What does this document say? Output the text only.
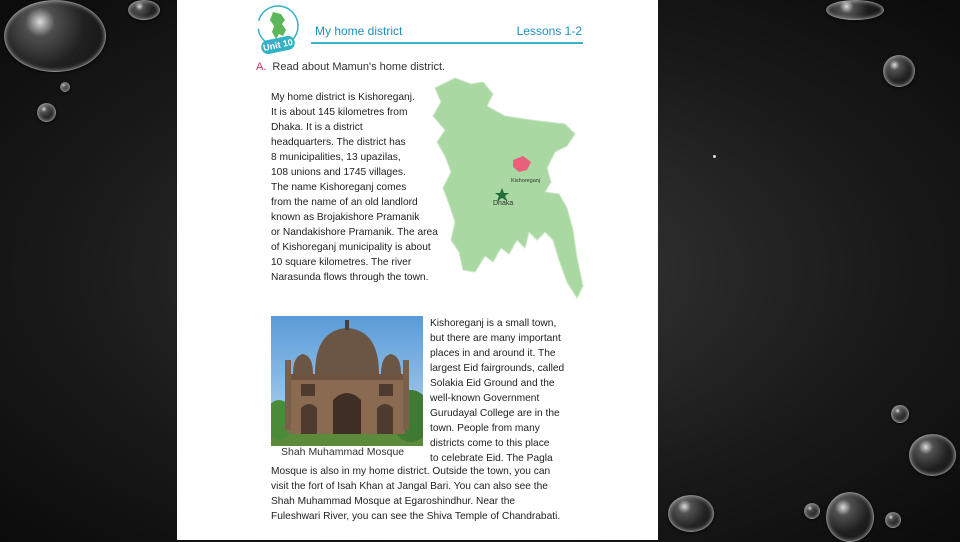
Unit 10
My home district	Lessons 1-2
A. Read about Mamun's home district.
My home district is Kishoreganj.
It is about 145 kilometres from
Dhaka. It is a district
headquarters. The district has
8 municipalities, 13 upazilas,
108 unions and 1745 villages.
The name Kishoreganj comes
from the name of an old landlord
known as Brojakishore Pramanik
or Nandakishore Pramanik. The area
of Kishoreganj municipality is about
10 square kilometres. The river
Narasunda flows through the town.
Kishoreganj
Dhaka
Shah Muhammad Mosque
Kishoreganj is a small town,
but there are many important
places in and around it. The
largest Eid fairgrounds, called
Solakia Eid Ground and the
well-known Government
Gurudayal College are in the
town. People from many
districts come to this place
to celebrate Eid. The Pagla
Mosque is also in my home district. Outside the town, you can
visit the fort of Isah Khan at Jangal Bari. You can also see the
Shah Muhammad Mosque at Egaroshindhur. Near the
Fuleshwari River, you can see the Shiva Temple of Chandrabati.
